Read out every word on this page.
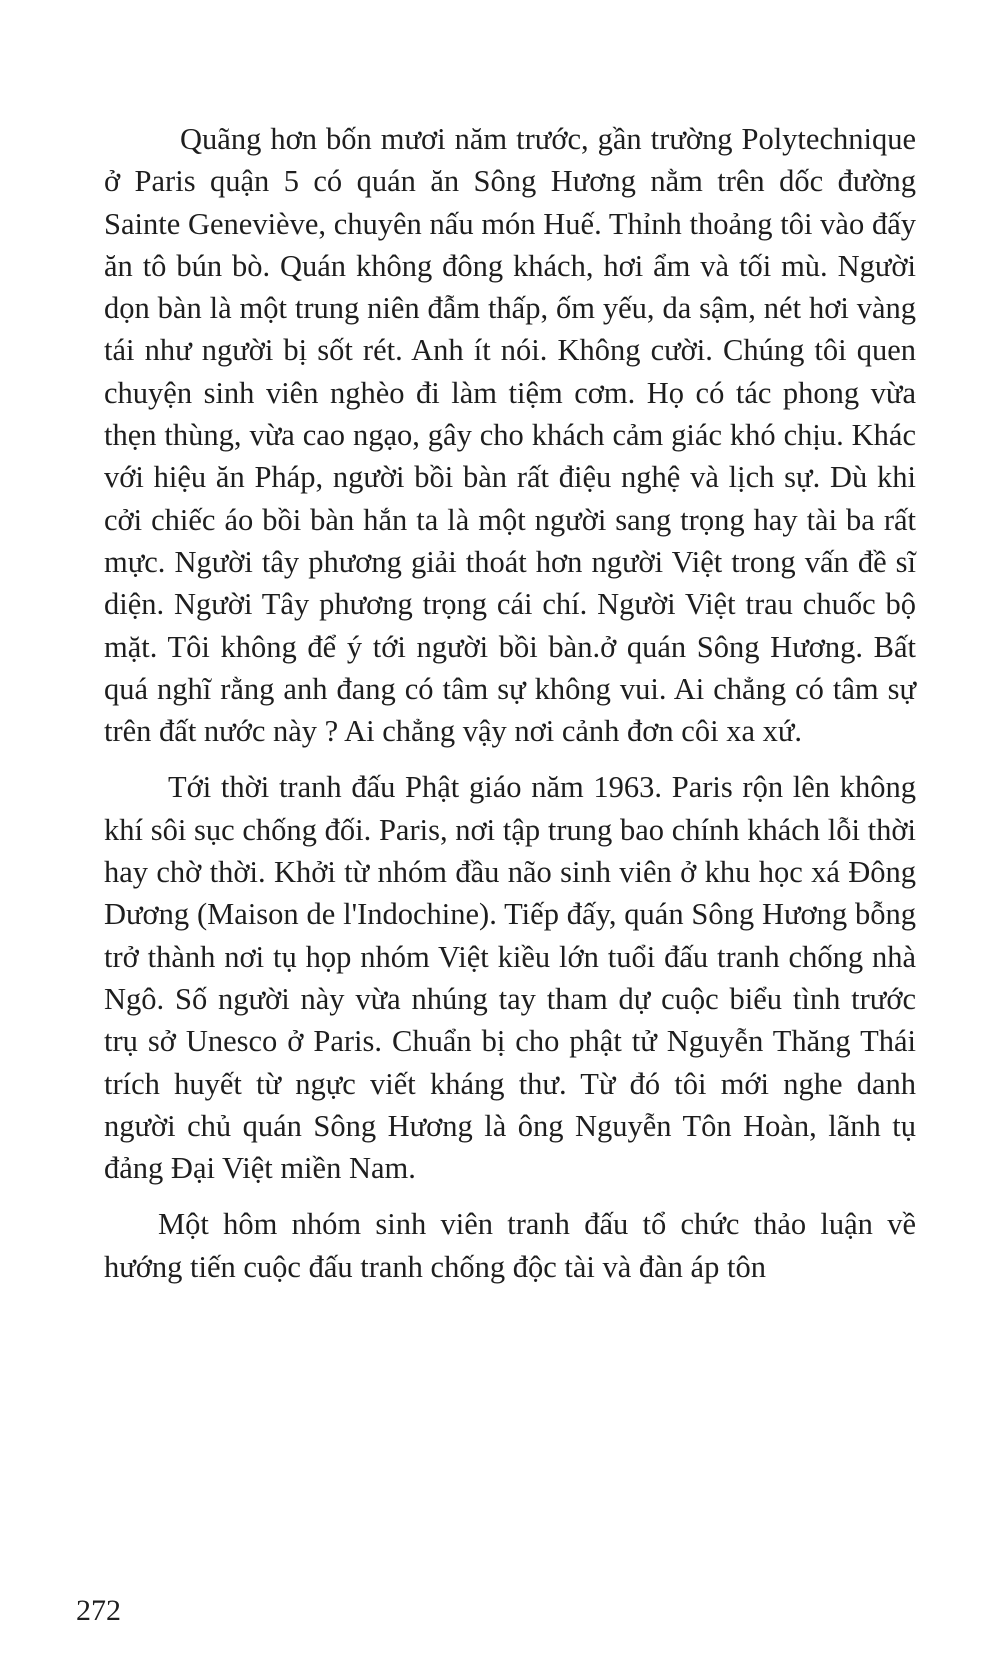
Quãng hơn bốn mươi năm trước, gần trường Polytechnique ở Paris quận 5 có quán ăn Sông Hương nằm trên dốc đường Sainte Geneviève, chuyên nấu món Huế. Thỉnh thoảng tôi vào đấy ăn tô bún bò. Quán không đông khách, hơi ẩm và tối mù. Người dọn bàn là một trung niên đẫm thấp, ốm yếu, da sậm, nét hơi vàng tái như người bị sốt rét. Anh ít nói. Không cười. Chúng tôi quen chuyện sinh viên nghèo đi làm tiệm cơm. Họ có tác phong vừa thẹn thùng, vừa cao ngạo, gây cho khách cảm giác khó chịu. Khác với hiệu ăn Pháp, người bồi bàn rất điệu nghệ và lịch sự. Dù khi cởi chiếc áo bồi bàn hắn ta là một người sang trọng hay tài ba rất mực. Người tây phương giải thoát hơn người Việt trong vấn đề sĩ diện. Người Tây phương trọng cái chí. Người Việt trau chuốc bộ mặt. Tôi không để ý tới người bồi bàn.ở quán Sông Hương. Bất quá nghĩ rằng anh đang có tâm sự không vui. Ai chẳng có tâm sự trên đất nước này ? Ai chẳng vậy nơi cảnh đơn côi xa xứ.

Tới thời tranh đấu Phật giáo năm 1963. Paris rộn lên không khí sôi sục chống đối. Paris, nơi tập trung bao chính khách lỗi thời hay chờ thời. Khởi từ nhóm đầu não sinh viên ở khu học xá Đông Dương (Maison de l'Indochine). Tiếp đấy, quán Sông Hương bỗng trở thành nơi tụ họp nhóm Việt kiều lớn tuổi đấu tranh chống nhà Ngô. Số người này vừa nhúng tay tham dự cuộc biểu tình trước trụ sở Unesco ở Paris. Chuẩn bị cho phật tử Nguyễn Thăng Thái trích huyết từ ngực viết kháng thư. Từ đó tôi mới nghe danh người chủ quán Sông Hương là ông Nguyễn Tôn Hoàn, lãnh tụ đảng Đại Việt miền Nam.

Một hôm nhóm sinh viên tranh đấu tổ chức thảo luận về hướng tiến cuộc đấu tranh chống độc tài và đàn áp tôn

272
